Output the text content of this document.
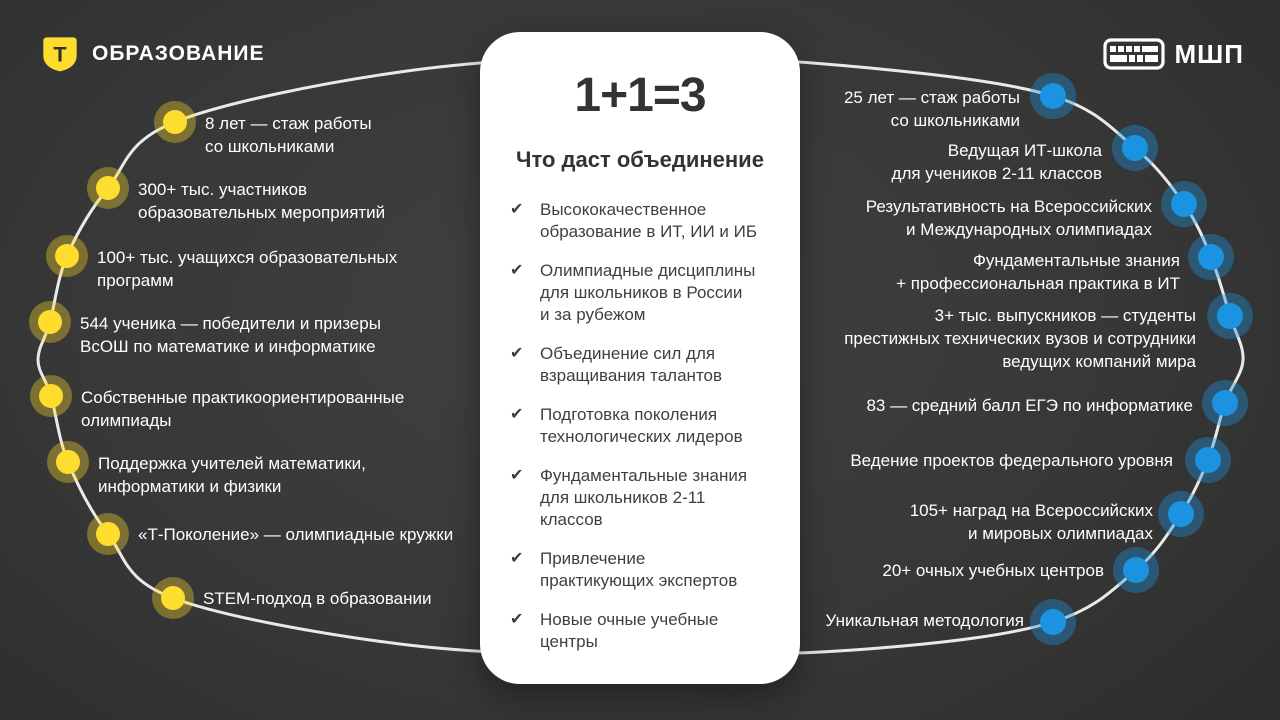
Т ОБРАЗОВАНИЕ	МШП
1+1=3
Что даст объединение
✔ Высококачественное
образование в ИТ, ИИ и ИБ
✔ Олимпиадные дисциплины
для школьников в России
и за рубежом
✔ Объединение сил для
взращивания талантов
✔ Подготовка поколения
технологических лидеров
✔ Фундаментальные знания
для школьников 2-11
классов
✔ Привлечение
практикующих экспертов
✔ Новые очные учебные
центры
8 лет — стаж работы
со школьниками
300+ тыс. участников
образовательных мероприятий
100+ тыс. учащихся образовательных
программ
544 ученика — победители и призеры
ВсОШ по математике и информатике
Собственные практикоориентированные
олимпиады
Поддержка учителей математики,
информатики и физики
«Т-Поколение» — олимпиадные кружки
STEM-подход в образовании
25 лет — стаж работы
со школьниками
Ведущая ИТ-школа
для учеников 2-11 классов
Результативность на Всероссийских
и Международных олимпиадах
Фундаментальные знания
+ профессиональная практика в ИТ
3+ тыс. выпускников — студенты
престижных технических вузов и сотрудники
ведущих компаний мира
83 — средний балл ЕГЭ по информатике
Ведение проектов федерального уровня
105+ наград на Всероссийских
и мировых олимпиадах
20+ очных учебных центров
Уникальная методология
